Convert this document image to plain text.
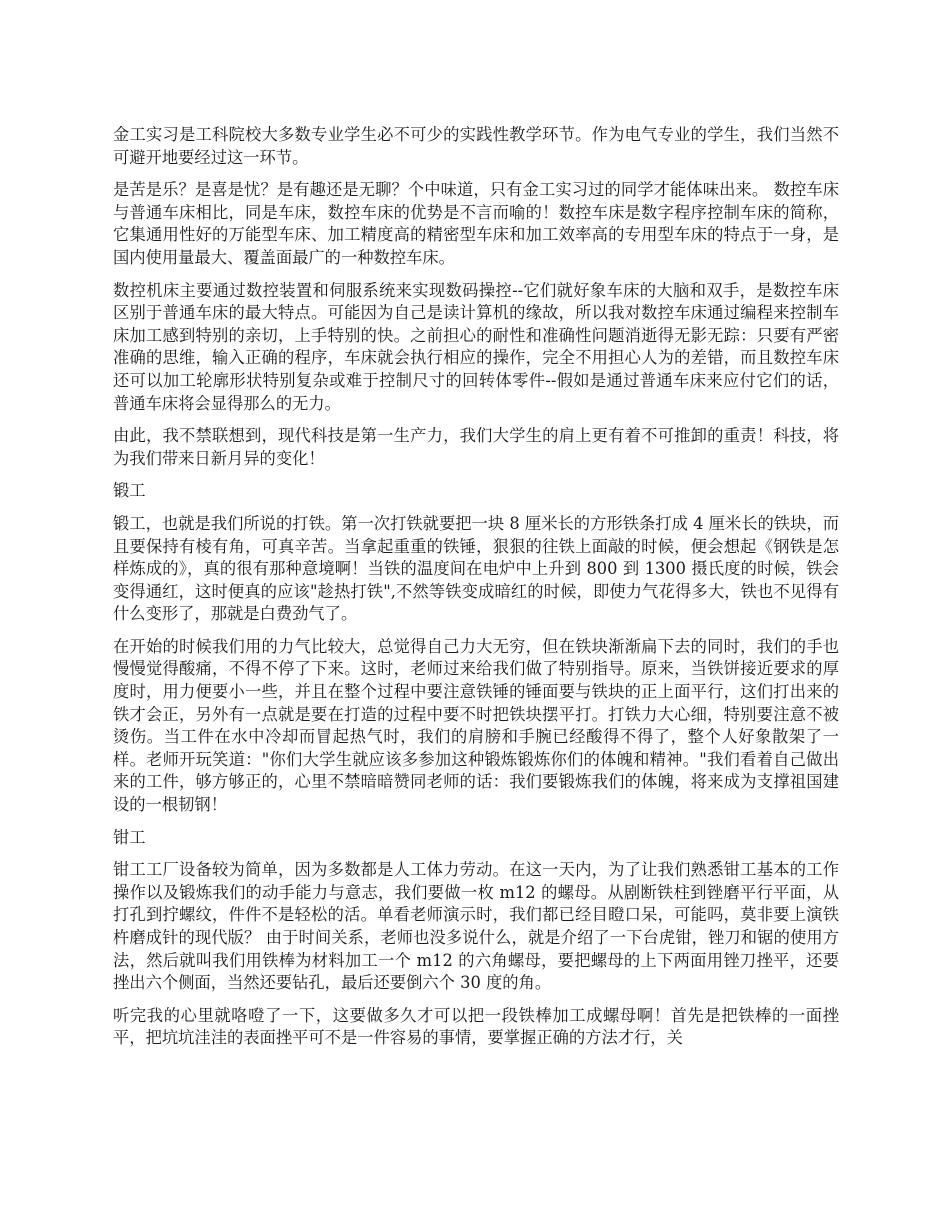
金工实习是工科院校大多数专业学生必不可少的实践性教学环节。作为电气专业的学生，我们当然不可避开地要经过这一环节。

是苦是乐？是喜是忧？是有趣还是无聊？个中味道，只有金工实习过的同学才能体味出来。 数控车床 与普通车床相比，同是车床，数控车床的优势是不言而喻的！数控车床是数字程序控制车床的简称，它集通用性好的万能型车床、加工精度高的精密型车床和加工效率高的专用型车床的特点于一身，是国内使用量最大、覆盖面最广的一种数控车床。

数控机床主要通过数控装置和伺服系统来实现数码操控--它们就好象车床的大脑和双手，是数控车床区别于普通车床的最大特点。可能因为自己是读计算机的缘故，所以我对数控车床通过编程来控制车床加工感到特别的亲切，上手特别的快。之前担心的耐性和准确性问题消逝得无影无踪：只要有严密准确的思维，输入正确的程序，车床就会执行相应的操作，完全不用担心人为的差错，而且数控车床还可以加工轮廓形状特别复杂或难于控制尺寸的回转体零件--假如是通过普通车床来应付它们的话，普通车床将会显得那么的无力。

由此，我不禁联想到，现代科技是第一生产力，我们大学生的肩上更有着不可推卸的重责！科技，将为我们带来日新月异的变化！

锻工

锻工，也就是我们所说的打铁。第一次打铁就要把一块 8 厘米长的方形铁条打成 4 厘米长的铁块，而且要保持有棱有角，可真辛苦。当拿起重重的铁锤，狠狠的往铁上面敲的时候，便会想起《钢铁是怎样炼成的》，真的很有那种意境啊！当铁的温度间在电炉中上升到 800 到 1300 摄氏度的时候，铁会变得通红，这时便真的应该"趁热打铁",不然等铁变成暗红的时候，即使力气花得多大，铁也不见得有什么变形了，那就是白费劲气了。

在开始的时候我们用的力气比较大，总觉得自己力大无穷，但在铁块渐渐扁下去的同时，我们的手也慢慢觉得酸痛，不得不停了下来。这时，老师过来给我们做了特别指导。原来，当铁饼接近要求的厚度时，用力便要小一些，并且在整个过程中要注意铁锤的锤面要与铁块的正上面平行，这们打出来的铁才会正，另外有一点就是要在打造的过程中要不时把铁块摆平打。打铁力大心细，特别要注意不被烫伤。当工件在水中冷却而冒起热气时，我们的肩膀和手腕已经酸得不得了，整个人好象散架了一样。老师开玩笑道："你们大学生就应该多参加这种锻炼锻炼你们的体魄和精神。"我们看着自己做出来的工件，够方够正的，心里不禁暗暗赞同老师的话：我们要锻炼我们的体魄，将来成为支撑祖国建设的一根韧钢！

钳工

钳工工厂设备较为简单，因为多数都是人工体力劳动。在这一天内，为了让我们熟悉钳工基本的工作操作以及锻炼我们的动手能力与意志，我们要做一枚 m12 的螺母。从剧断铁柱到锉磨平行平面，从打孔到拧螺纹，件件不是轻松的活。单看老师演示时，我们都已经目瞪口呆，可能吗，莫非要上演铁杵磨成针的现代版？ 由于时间关系，老师也没多说什么，就是介绍了一下台虎钳，锉刀和锯的使用方法，然后就叫我们用铁棒为材料加工一个 m12 的六角螺母，要把螺母的上下两面用锉刀挫平，还要挫出六个侧面，当然还要钻孔，最后还要倒六个 30 度的角。

听完我的心里就咯噔了一下，这要做多久才可以把一段铁棒加工成螺母啊！首先是把铁棒的一面挫平，把坑坑洼洼的表面挫平可不是一件容易的事情，要掌握正确的方法才行，关
